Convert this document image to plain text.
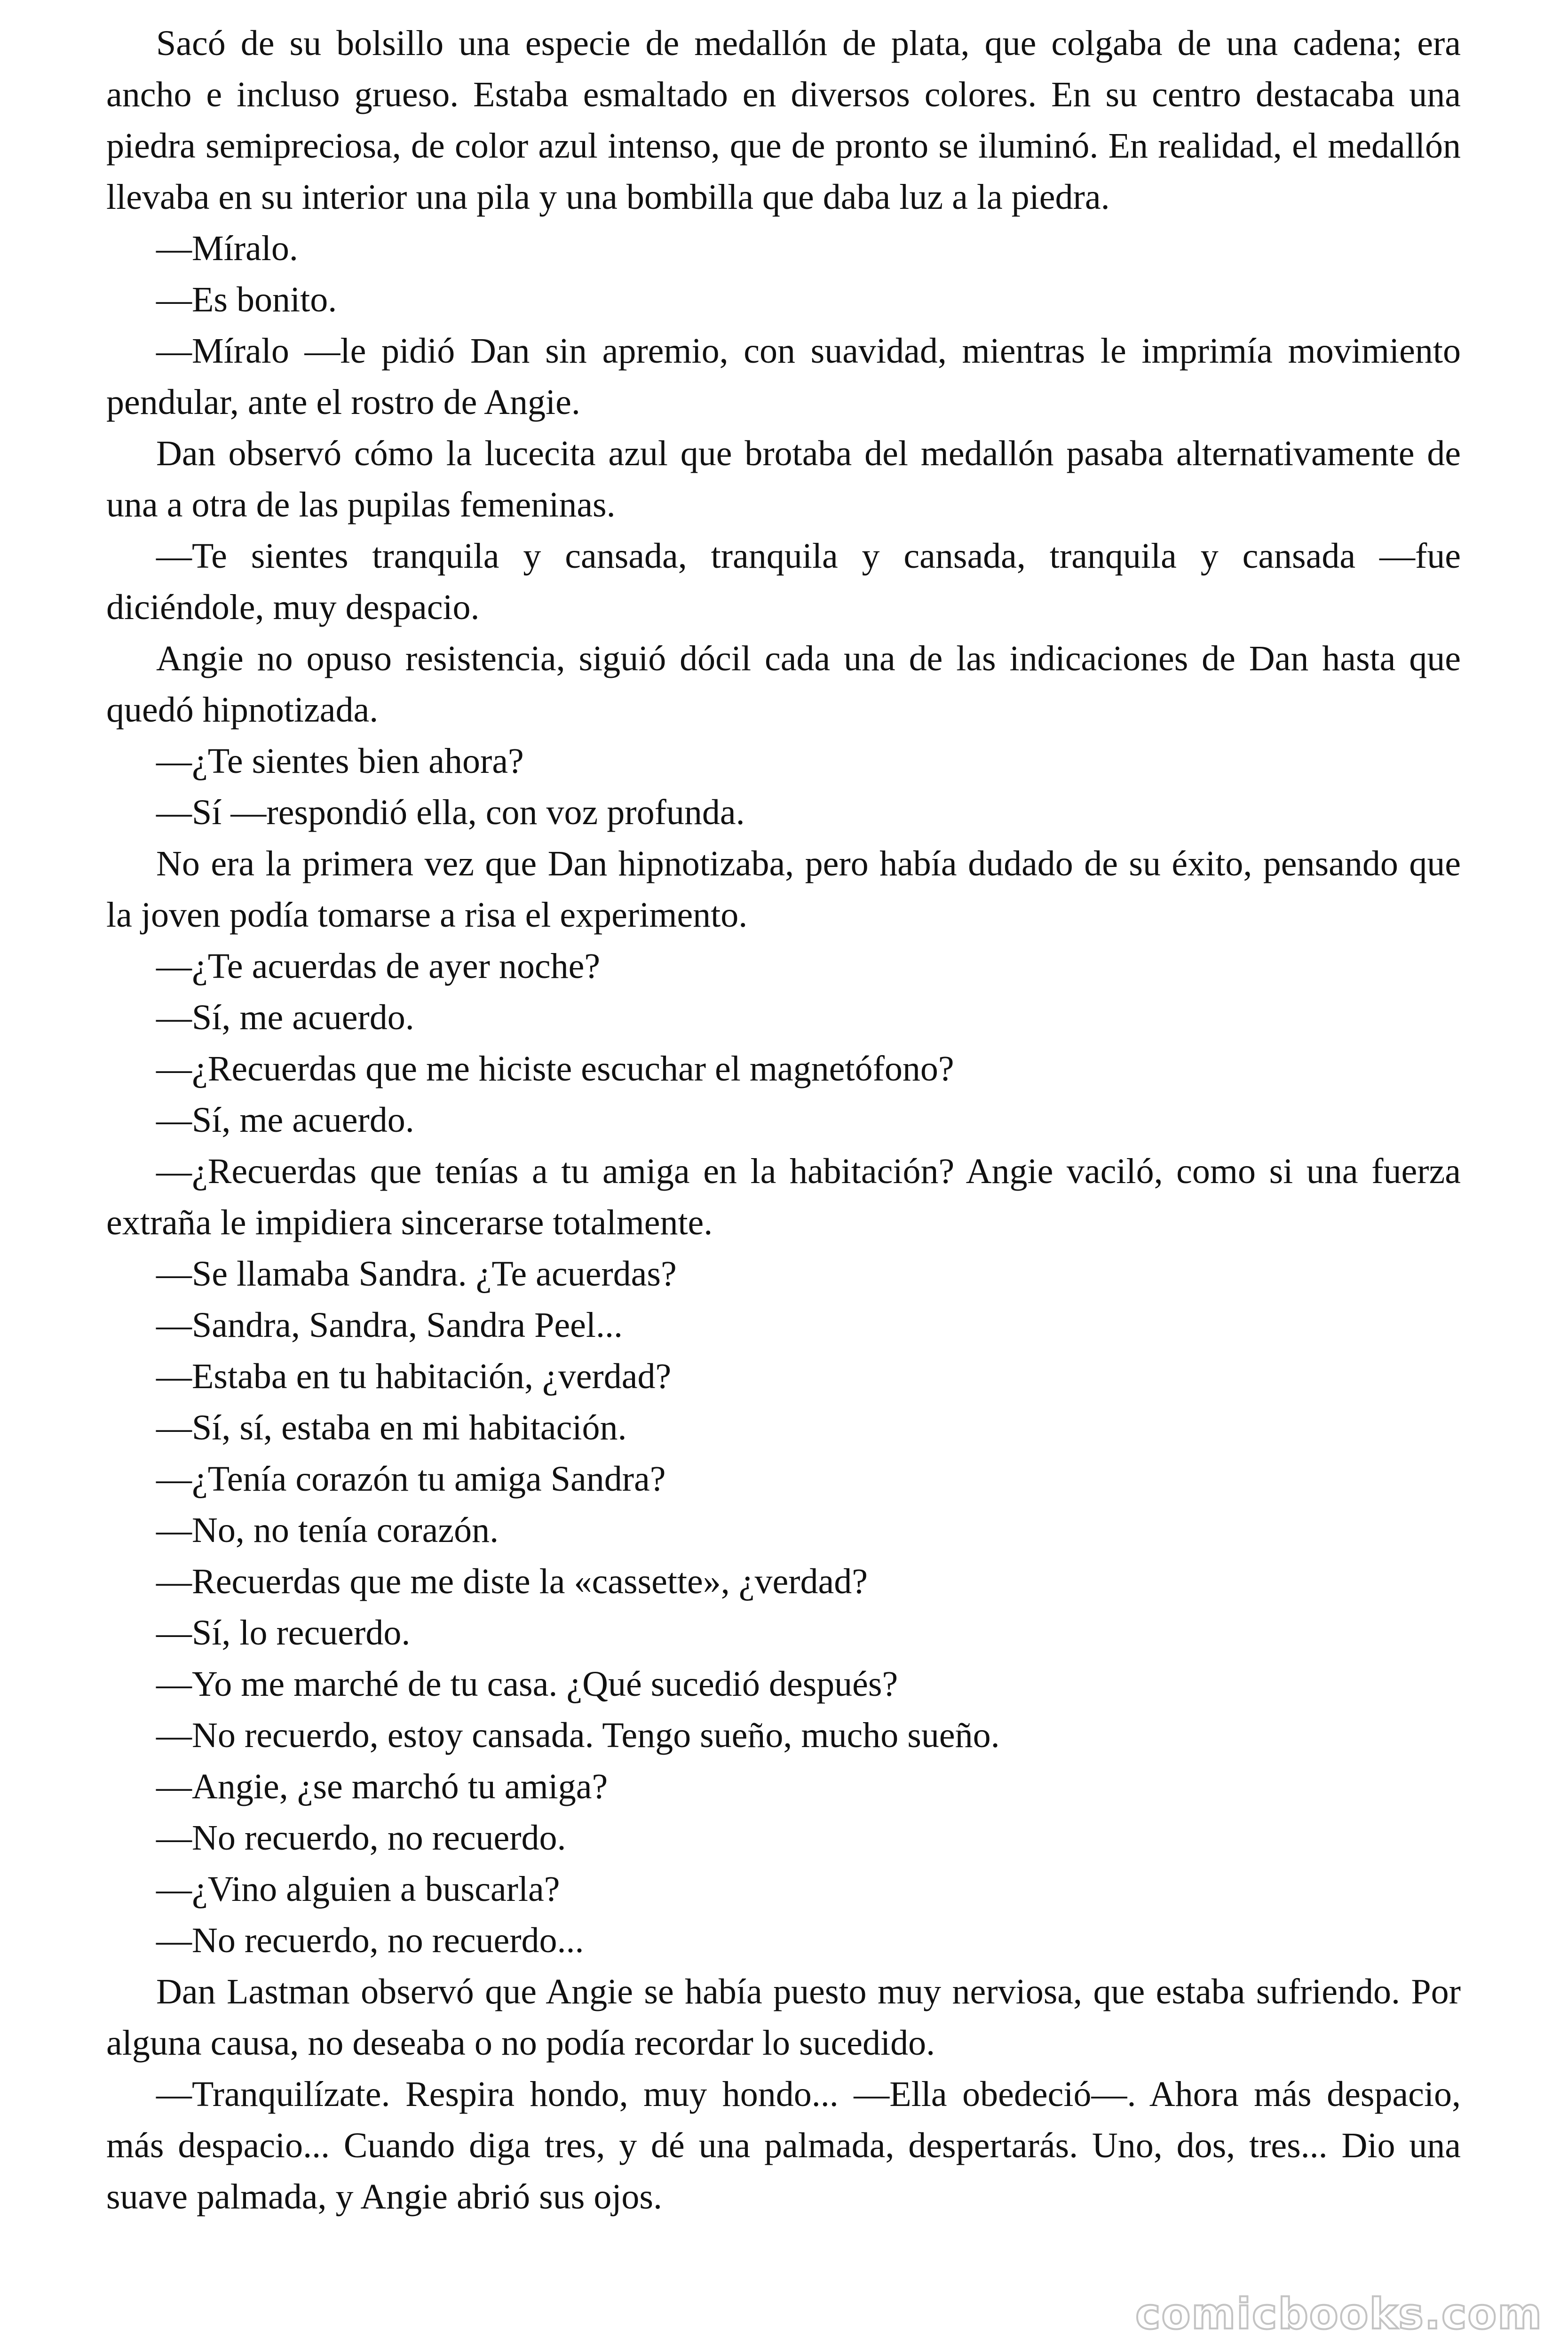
Sacó de su bolsillo una especie de medallón de plata, que colgaba de una cadena; era ancho e incluso grueso. Estaba esmaltado en diversos colores. En su centro destacaba una piedra semipreciosa, de color azul intenso, que de pronto se iluminó. En realidad, el medallón llevaba en su interior una pila y una bombilla que daba luz a la piedra.

—Míralo.

—Es bonito.

—Míralo —le pidió Dan sin apremio, con suavidad, mientras le imprimía movimiento pendular, ante el rostro de Angie.

Dan observó cómo la lucecita azul que brotaba del medallón pasaba alternativamente de una a otra de las pupilas femeninas.

—Te sientes tranquila y cansada, tranquila y cansada, tranquila y cansada —fue diciéndole, muy despacio.

Angie no opuso resistencia, siguió dócil cada una de las indicaciones de Dan hasta que quedó hipnotizada.

—¿Te sientes bien ahora?

—Sí —respondió ella, con voz profunda.

No era la primera vez que Dan hipnotizaba, pero había dudado de su éxito, pensando que la joven podía tomarse a risa el experimento.

—¿Te acuerdas de ayer noche?

—Sí, me acuerdo.

—¿Recuerdas que me hiciste escuchar el magnetófono?

—Sí, me acuerdo.

—¿Recuerdas que tenías a tu amiga en la habitación? Angie vaciló, como si una fuerza extraña le impidiera sincerarse totalmente.

—Se llamaba Sandra. ¿Te acuerdas?

—Sandra, Sandra, Sandra Peel...

—Estaba en tu habitación, ¿verdad?

—Sí, sí, estaba en mi habitación.

—¿Tenía corazón tu amiga Sandra?

—No, no tenía corazón.

—Recuerdas que me diste la «cassette», ¿verdad?

—Sí, lo recuerdo.

—Yo me marché de tu casa. ¿Qué sucedió después?

—No recuerdo, estoy cansada. Tengo sueño, mucho sueño.

—Angie, ¿se marchó tu amiga?

—No recuerdo, no recuerdo.

—¿Vino alguien a buscarla?

—No recuerdo, no recuerdo...

Dan Lastman observó que Angie se había puesto muy nerviosa, que estaba sufriendo. Por alguna causa, no deseaba o no podía recordar lo sucedido.

—Tranquilízate. Respira hondo, muy hondo... —Ella obedeció—. Ahora más despacio, más despacio... Cuando diga tres, y dé una palmada, despertarás. Uno, dos, tres... Dio una suave palmada, y Angie abrió sus ojos.

comicbooks.com
